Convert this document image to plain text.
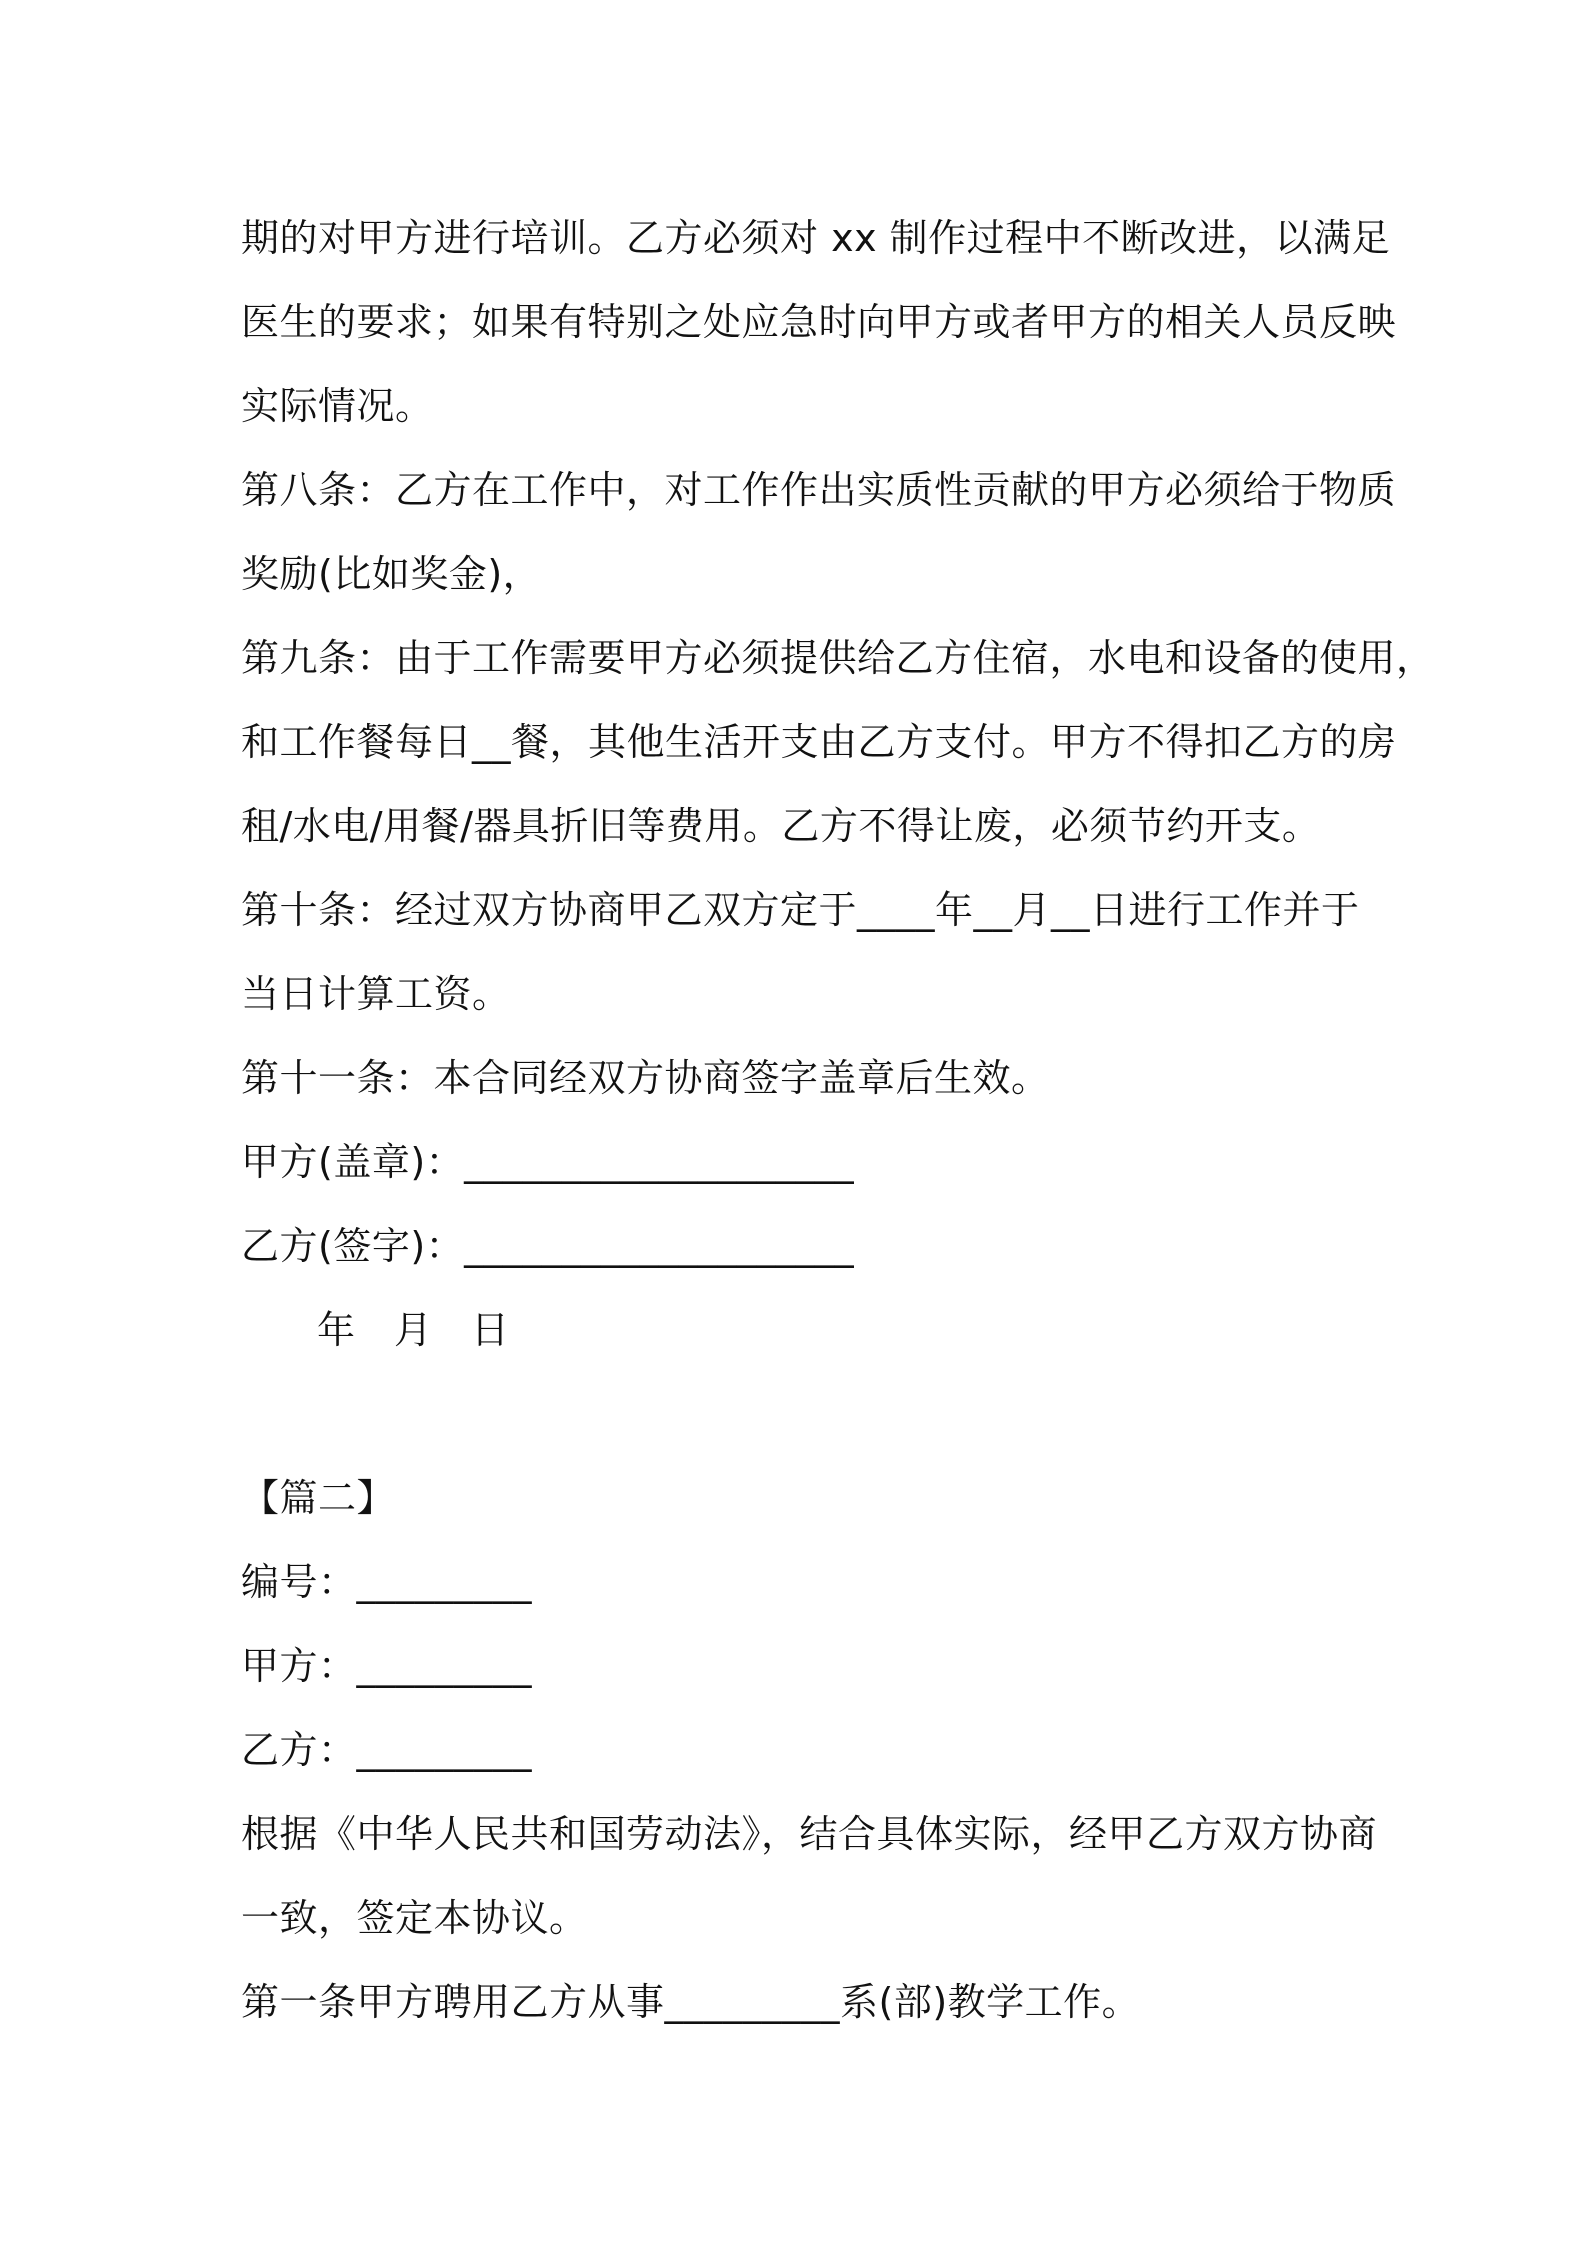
期的对甲方进行培训。乙方必须对 xx 制作过程中不断改进，以满足
医生的要求；如果有特别之处应急时向甲方或者甲方的相关人员反映
实际情况。
第八条：乙方在工作中，对工作作出实质性贡献的甲方必须给于物质
奖励(比如奖金)，
第九条：由于工作需要甲方必须提供给乙方住宿，水电和设备的使用，
和工作餐每日__餐，其他生活开支由乙方支付。甲方不得扣乙方的房
租/水电/用餐/器具折旧等费用。乙方不得让废，必须节约开支。
第十条：经过双方协商甲乙双方定于____年__月__日进行工作并于
当日计算工资。
第十一条：本合同经双方协商签字盖章后生效。
甲方(盖章)：____________________
乙方(签字)：____________________
年　月　日
【篇二】
编号：_________
甲方：_________
乙方：_________
根据《中华人民共和国劳动法》，结合具体实际，经甲乙方双方协商
一致，签定本协议。
第一条甲方聘用乙方从事_________系(部)教学工作。
